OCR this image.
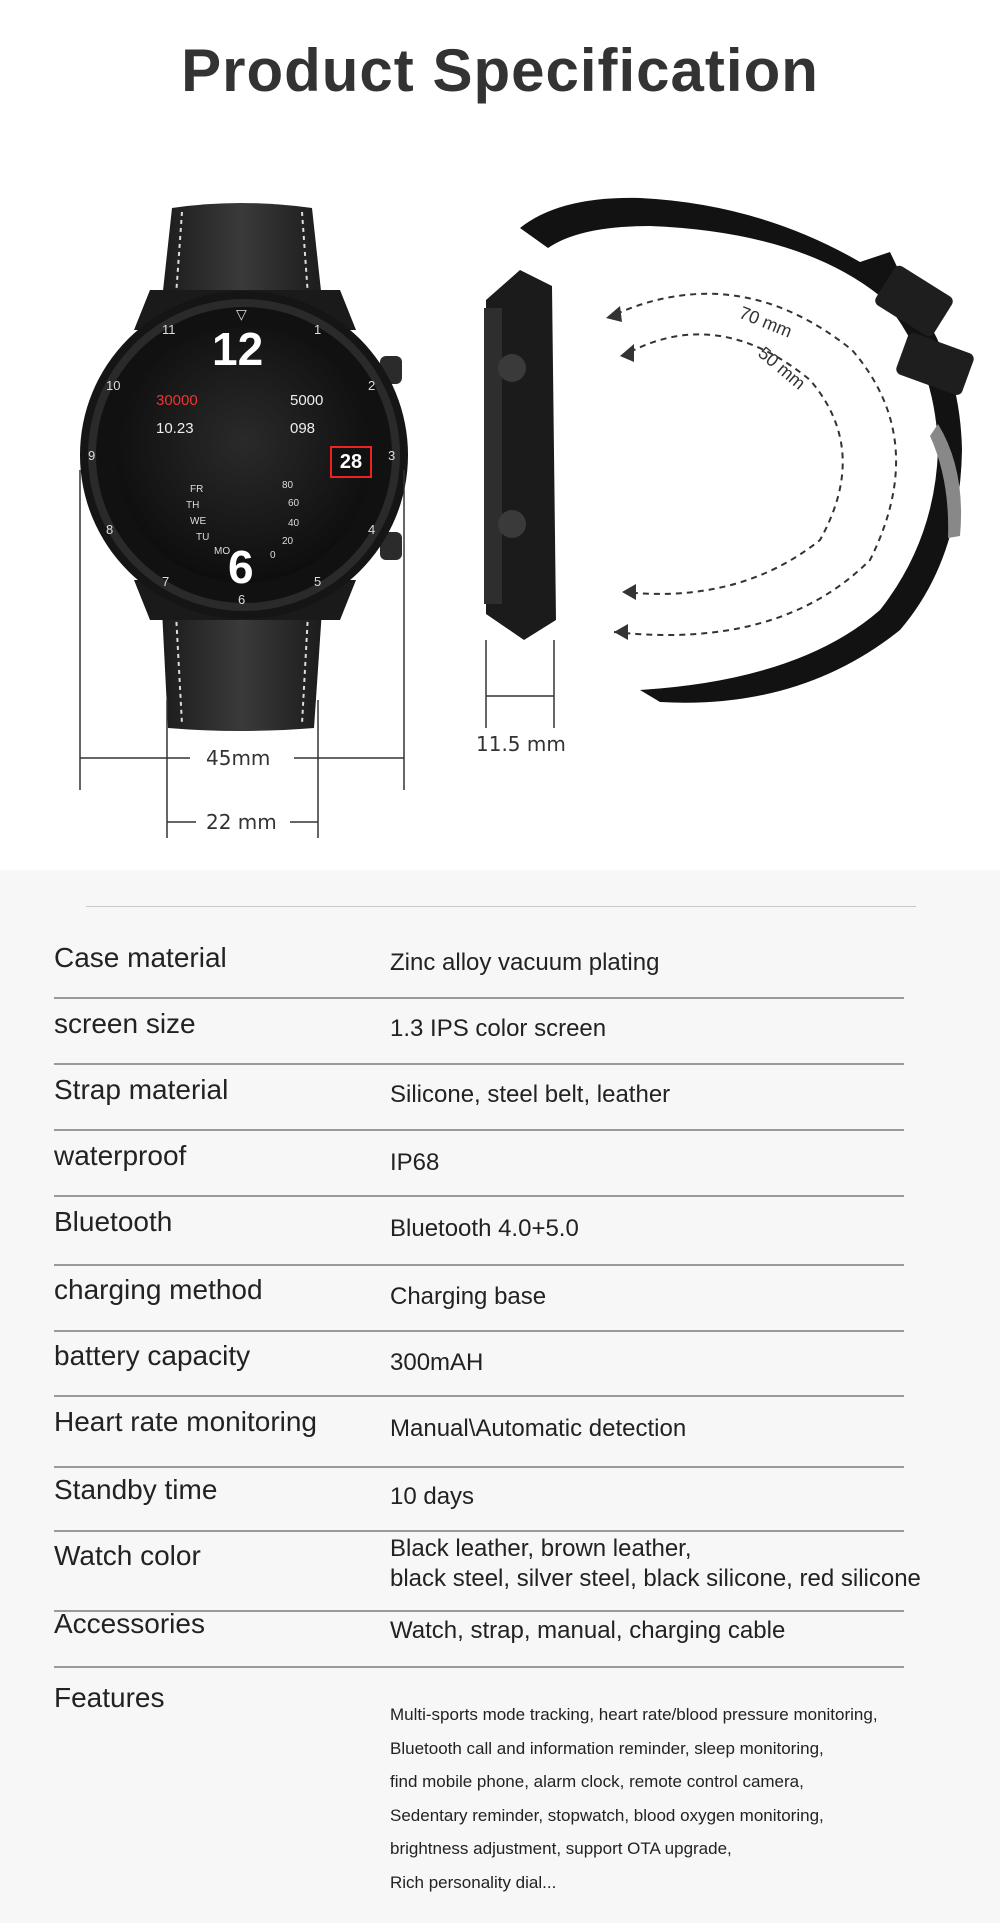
Product Specification
▽
11	1
10	2
9	3
8	4
7	5
6
12
6
30000	5000
10.23	098
28
FR
TH
WE
TU
MO
80
60
40
20
0
45mm
22 mm
11.5 mm
70 mm
50 mm
Case material	Zinc alloy vacuum plating
screen size	1.3 IPS color screen
Strap material	Silicone, steel belt, leather
waterproof	IP68
Bluetooth	Bluetooth 4.0+5.0
charging method	Charging base
battery capacity	300mAH
Heart rate monitoring	Manual\Automatic detection
Standby time	10 days
Watch color	Black leather, brown leather,
black steel, silver steel, black silicone, red silicone
Accessories	Watch, strap, manual, charging cable
Features
Multi-sports mode tracking, heart rate/blood pressure monitoring,
Bluetooth call and information reminder, sleep monitoring,
find mobile phone, alarm clock, remote control camera,
Sedentary reminder, stopwatch, blood oxygen monitoring,
brightness adjustment, support OTA upgrade,
Rich personality dial...
